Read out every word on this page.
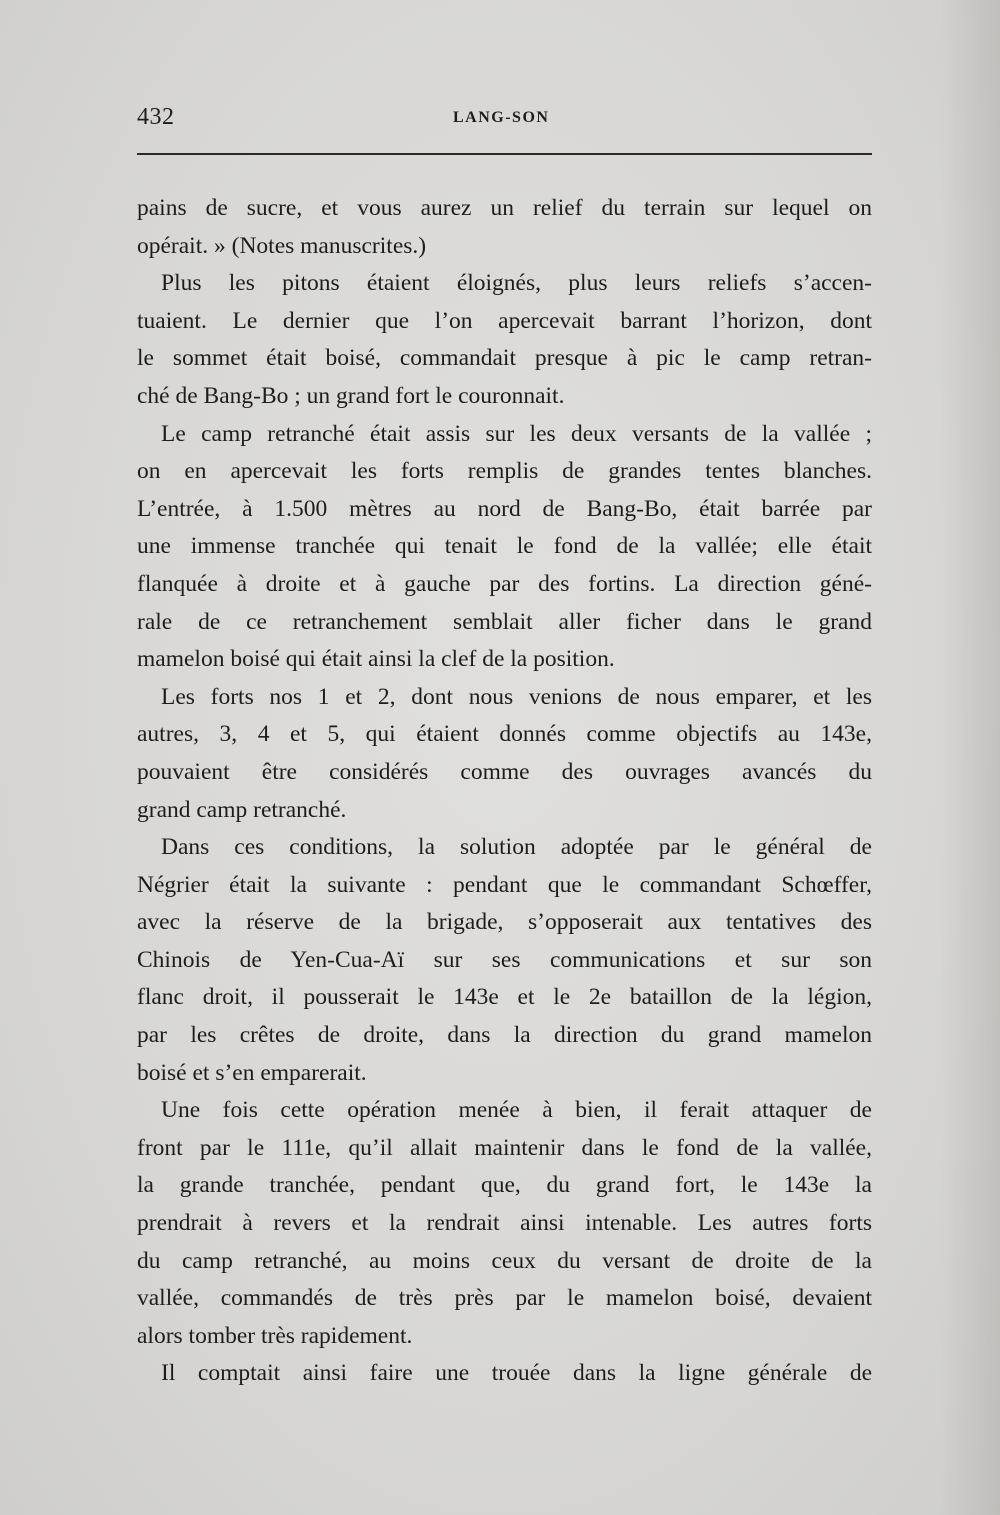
432	LANG-SON
pains de sucre, et vous aurez un relief du terrain sur lequel on
opérait. » (Notes manuscrites.)
Plus les pitons étaient éloignés, plus leurs reliefs s’accen-
tuaient. Le dernier que l’on apercevait barrant l’horizon, dont
le sommet était boisé, commandait presque à pic le camp retran-
ché de Bang-Bo ; un grand fort le couronnait.
Le camp retranché était assis sur les deux versants de la vallée ;
on en apercevait les forts remplis de grandes tentes blanches.
L’entrée, à 1.500 mètres au nord de Bang-Bo, était barrée par
une immense tranchée qui tenait le fond de la vallée; elle était
flanquée à droite et à gauche par des fortins. La direction géné-
rale de ce retranchement semblait aller ficher dans le grand
mamelon boisé qui était ainsi la clef de la position.
Les forts nos 1 et 2, dont nous venions de nous emparer, et les
autres, 3, 4 et 5, qui étaient donnés comme objectifs au 143e,
pouvaient être considérés comme des ouvrages avancés du
grand camp retranché.
Dans ces conditions, la solution adoptée par le général de
Négrier était la suivante : pendant que le commandant Schœffer,
avec la réserve de la brigade, s’opposerait aux tentatives des
Chinois de Yen-Cua-Aï sur ses communications et sur son
flanc droit, il pousserait le 143e et le 2e bataillon de la légion,
par les crêtes de droite, dans la direction du grand mamelon
boisé et s’en emparerait.
Une fois cette opération menée à bien, il ferait attaquer de
front par le 111e, qu’il allait maintenir dans le fond de la vallée,
la grande tranchée, pendant que, du grand fort, le 143e la
prendrait à revers et la rendrait ainsi intenable. Les autres forts
du camp retranché, au moins ceux du versant de droite de la
vallée, commandés de très près par le mamelon boisé, devaient
alors tomber très rapidement.
Il comptait ainsi faire une trouée dans la ligne générale de
